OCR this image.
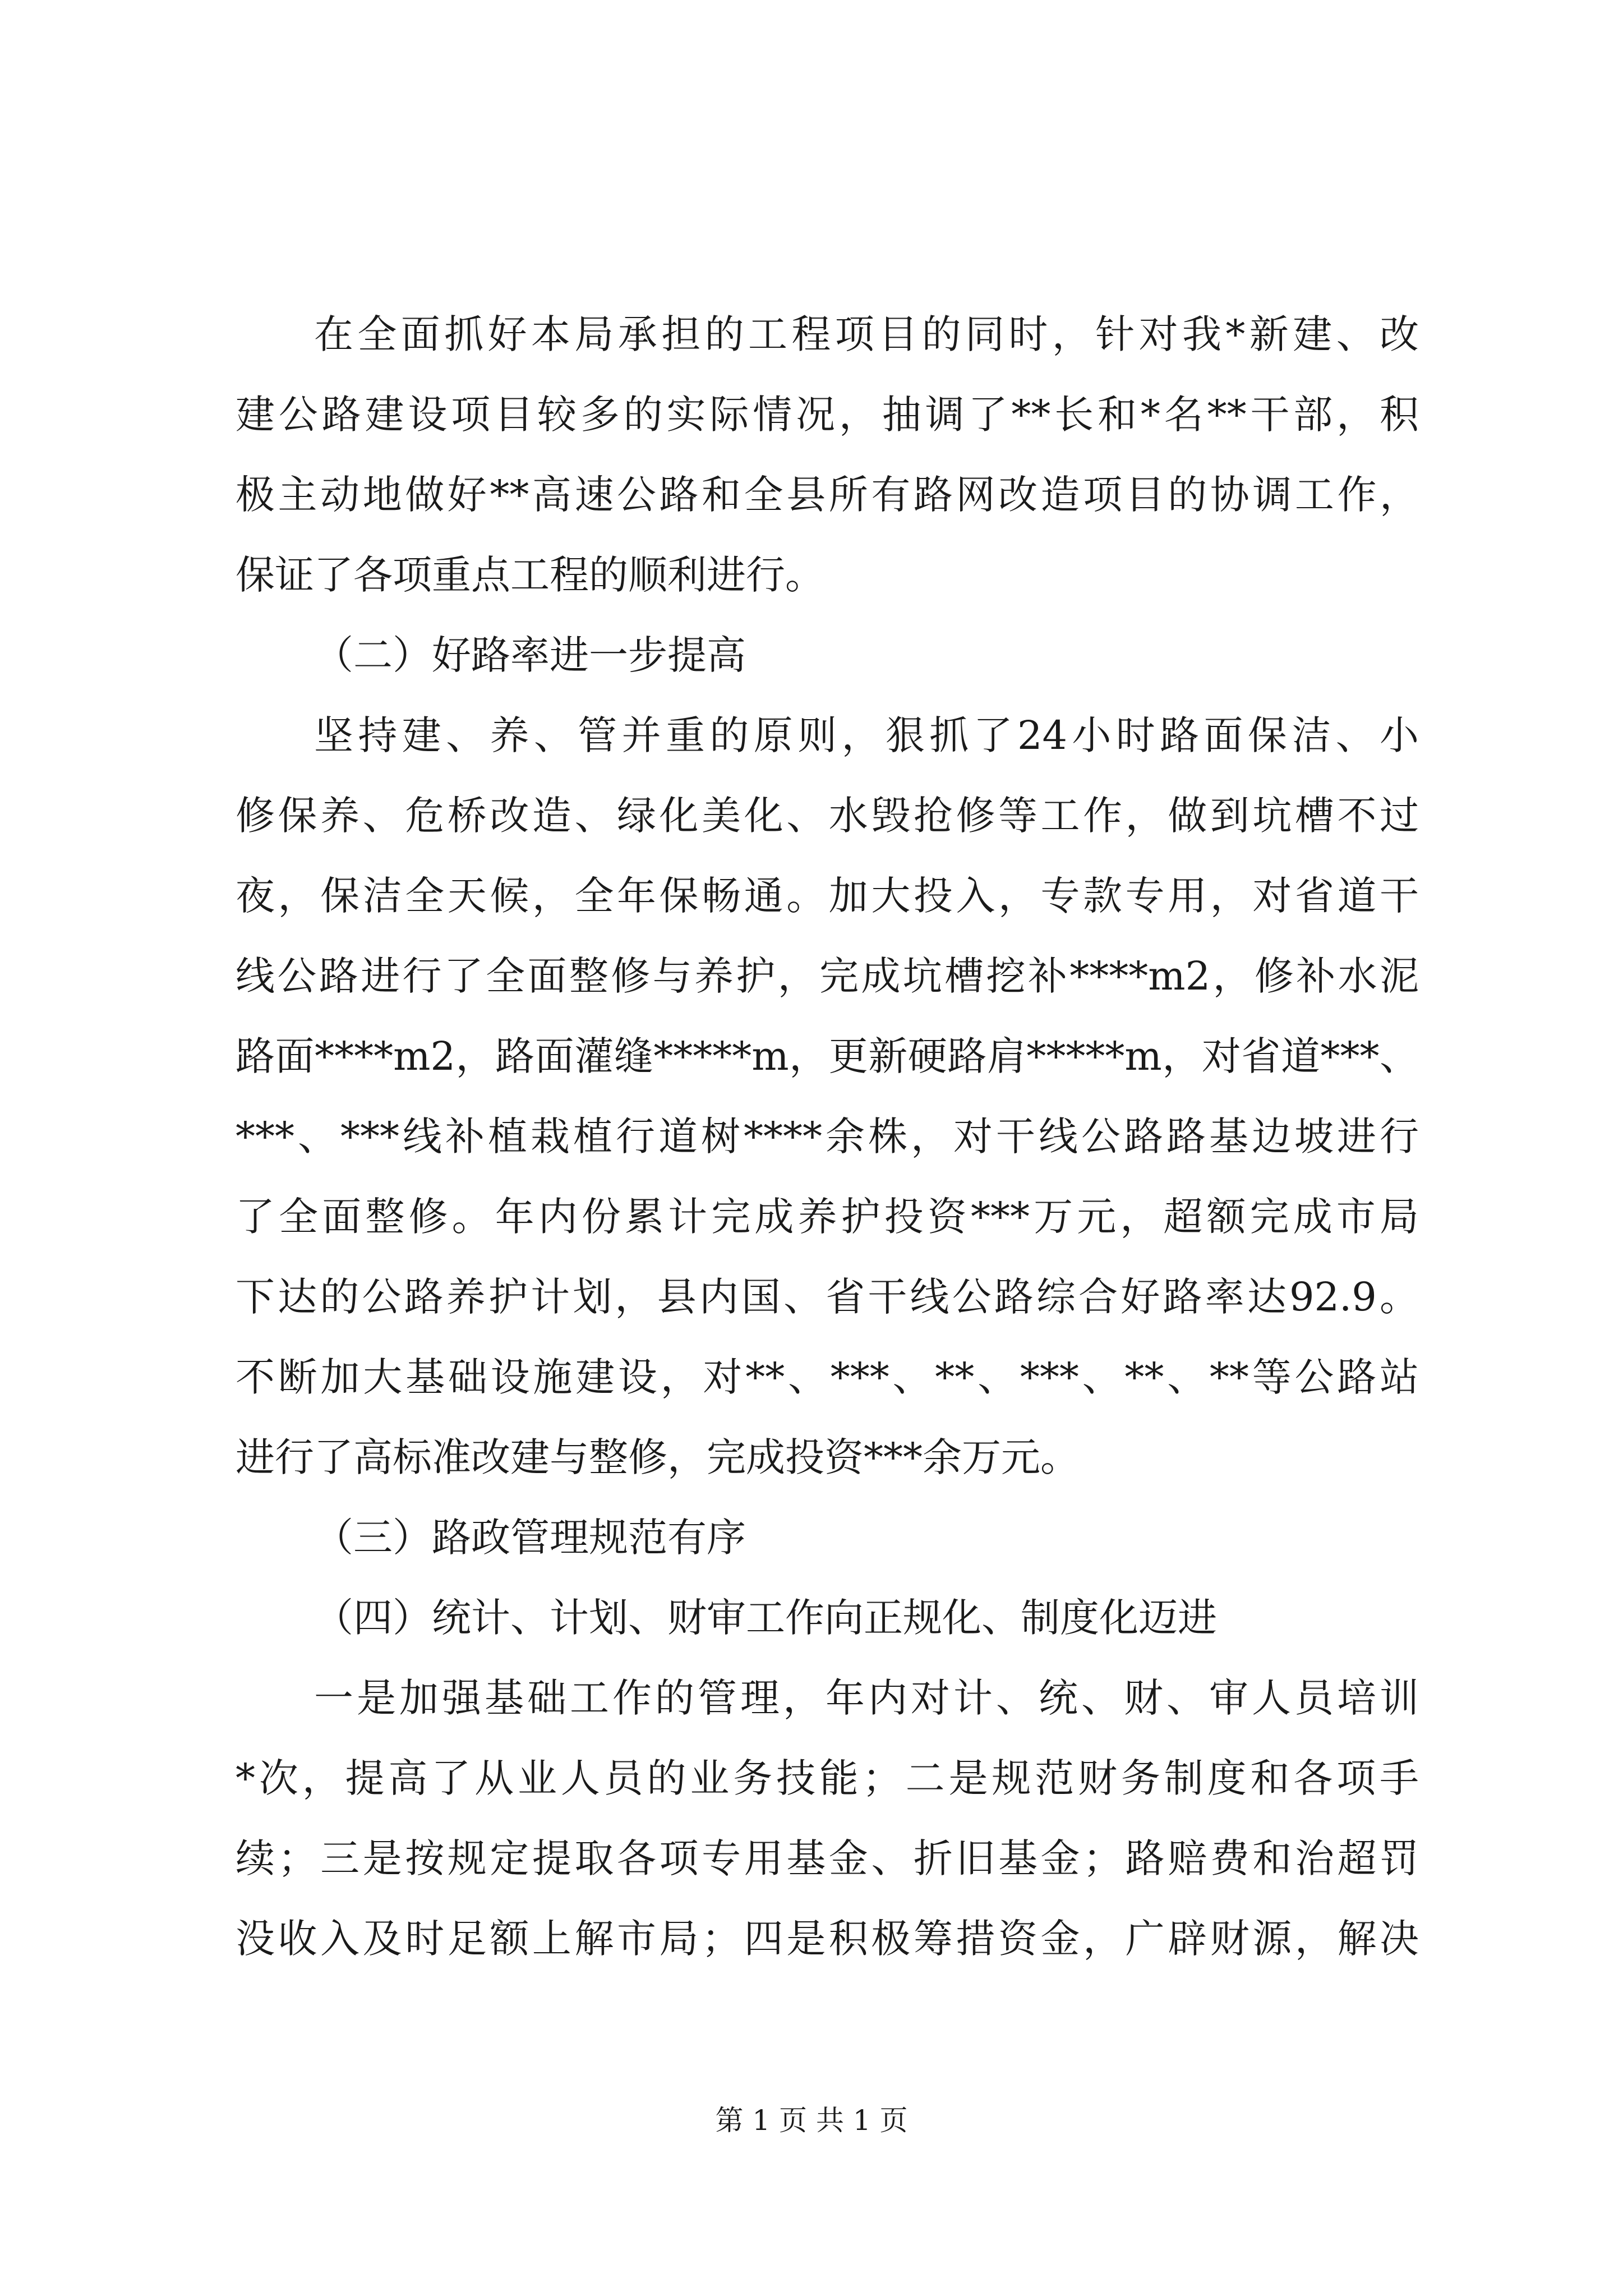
在全面抓好本局承担的工程项目的同时，针对我*新建、改
建公路建设项目较多的实际情况，抽调了**长和*名**干部，积
极主动地做好**高速公路和全县所有路网改造项目的协调工作，
保证了各项重点工程的顺利进行。
（二）好路率进一步提高
坚持建、养、管并重的原则，狠抓了24小时路面保洁、小
修保养、危桥改造、绿化美化、水毁抢修等工作，做到坑槽不过
夜，保洁全天候，全年保畅通。加大投入，专款专用，对省道干
线公路进行了全面整修与养护，完成坑槽挖补****m2，修补水泥
路面****m2，路面灌缝*****m，更新硬路肩*****m，对省道***、
***、***线补植栽植行道树****余株，对干线公路路基边坡进行
了全面整修。年内份累计完成养护投资***万元，超额完成市局
下达的公路养护计划，县内国、省干线公路综合好路率达92.9。
不断加大基础设施建设，对**、***、**、***、**、**等公路站
进行了高标准改建与整修，完成投资***余万元。
（三）路政管理规范有序
（四）统计、计划、财审工作向正规化、制度化迈进
一是加强基础工作的管理，年内对计、统、财、审人员培训
*次，提高了从业人员的业务技能；二是规范财务制度和各项手
续；三是按规定提取各项专用基金、折旧基金；路赔费和治超罚
没收入及时足额上解市局；四是积极筹措资金，广辟财源，解决
第 1 页 共 1 页
